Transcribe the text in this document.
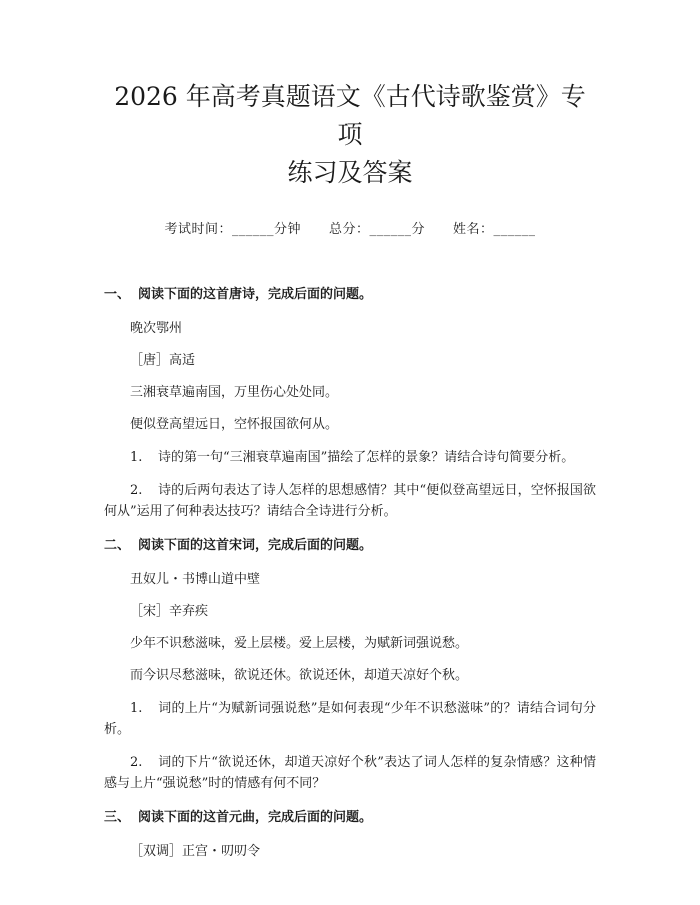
2026 年高考真题语文《古代诗歌鉴赏》专项
练习及答案
考试时间：______分钟 总分：______分 姓名：______

一、 阅读下面的这首唐诗，完成后面的问题。

晚次鄂州

［唐］高适

三湘衰草遍南国，万里伤心处处同。

便似登高望远日，空怀报国欲何从。

1. 诗的第一句“三湘衰草遍南国”描绘了怎样的景象？请结合诗句简要分析。

2. 诗的后两句表达了诗人怎样的思想感情？其中“便似登高望远日，空怀报国欲何从”运用了何种表达技巧？请结合全诗进行分析。

二、 阅读下面的这首宋词，完成后面的问题。

丑奴儿・书博山道中壁

［宋］辛弃疾

少年不识愁滋味，爱上层楼。爱上层楼，为赋新词强说愁。

而今识尽愁滋味，欲说还休。欲说还休，却道天凉好个秋。

1. 词的上片“为赋新词强说愁”是如何表现“少年不识愁滋味”的？请结合词句分析。

2. 词的下片“欲说还休，却道天凉好个秋”表达了词人怎样的复杂情感？这种情感与上片“强说愁”时的情感有何不同？

三、 阅读下面的这首元曲，完成后面的问题。

［双调］正宫・叨叨令
